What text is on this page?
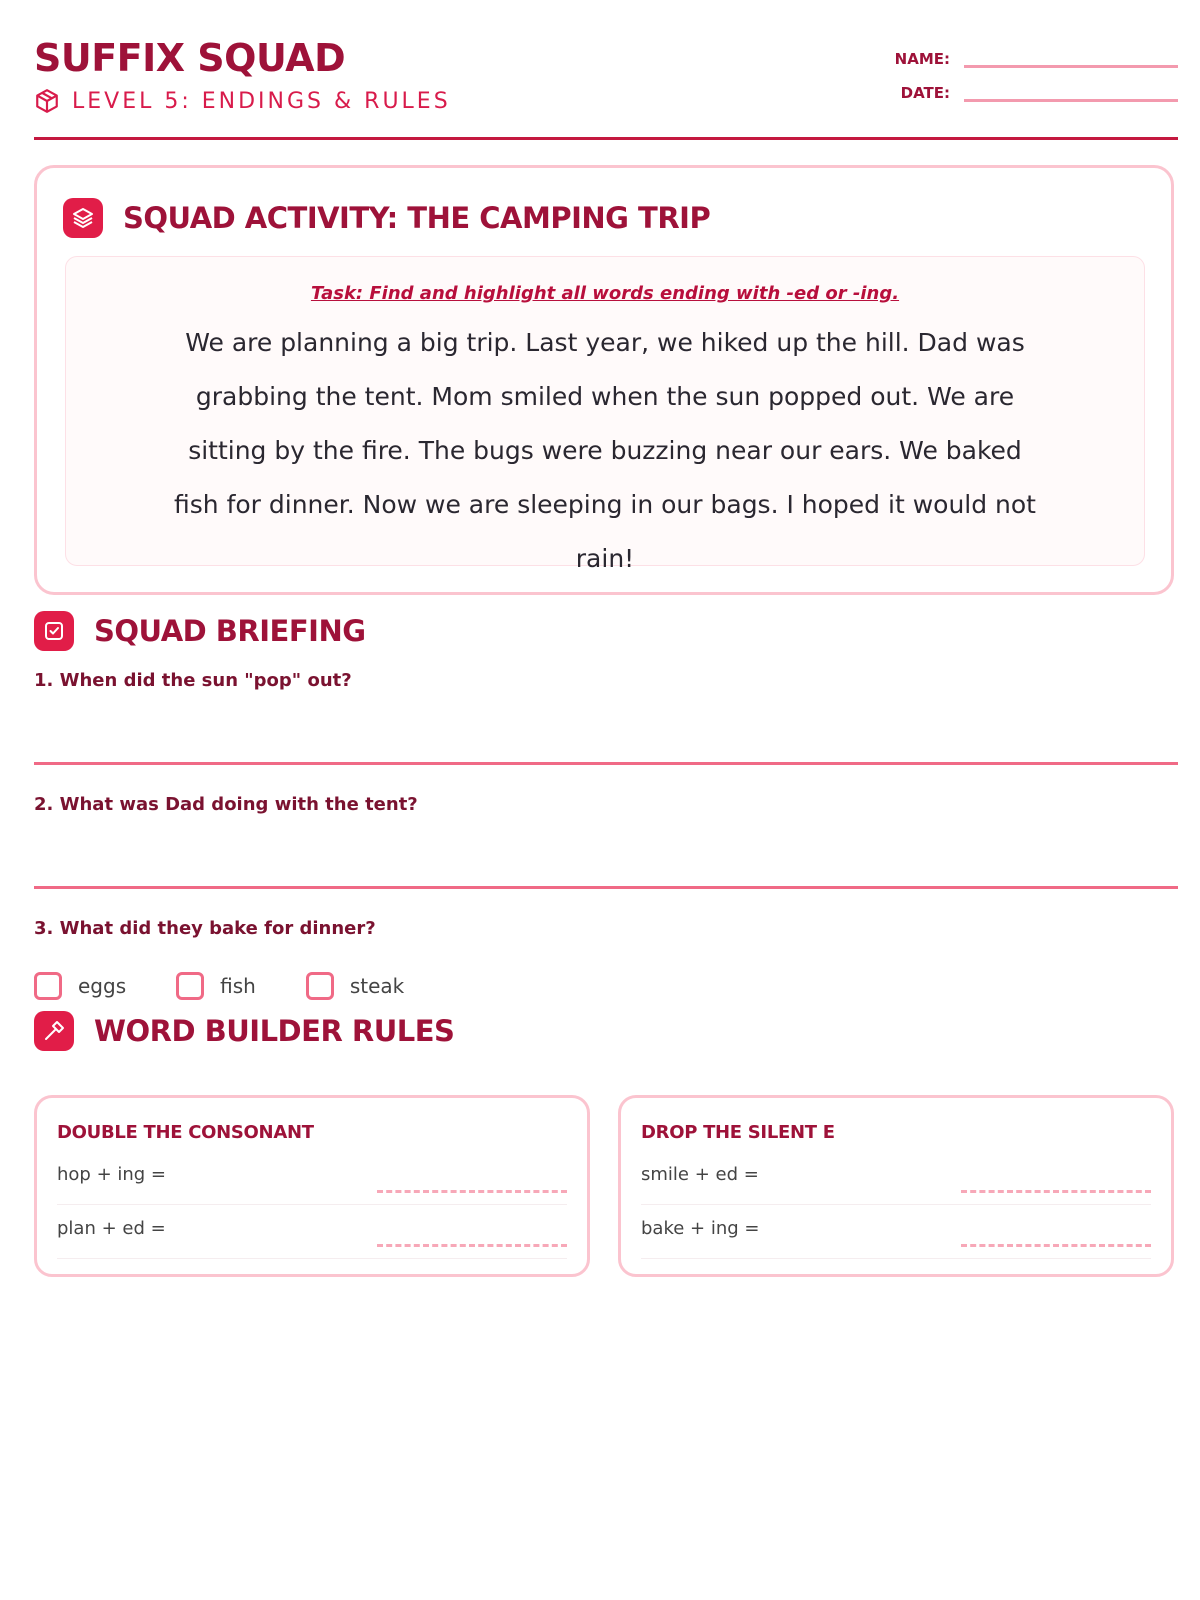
SUFFIX SQUAD
LEVEL 5: ENDINGS & RULES
NAME:
DATE:
SQUAD ACTIVITY: THE CAMPING TRIP
Task: Find and highlight all words ending with -ed or -ing.
We are planning a big trip. Last year, we hiked up the hill. Dad was grabbing the tent. Mom smiled when the sun popped out. We are sitting by the fire. The bugs were buzzing near our ears. We baked fish for dinner. Now we are sleeping in our bags. I hoped it would not rain!
SQUAD BRIEFING
1. When did the sun "pop" out?
2. What was Dad doing with the tent?
3. What did they bake for dinner?
eggs	fish	steak
WORD BUILDER RULES
DOUBLE THE CONSONANT
hop + ing =
plan + ed =
DROP THE SILENT E
smile + ed =
bake + ing =
